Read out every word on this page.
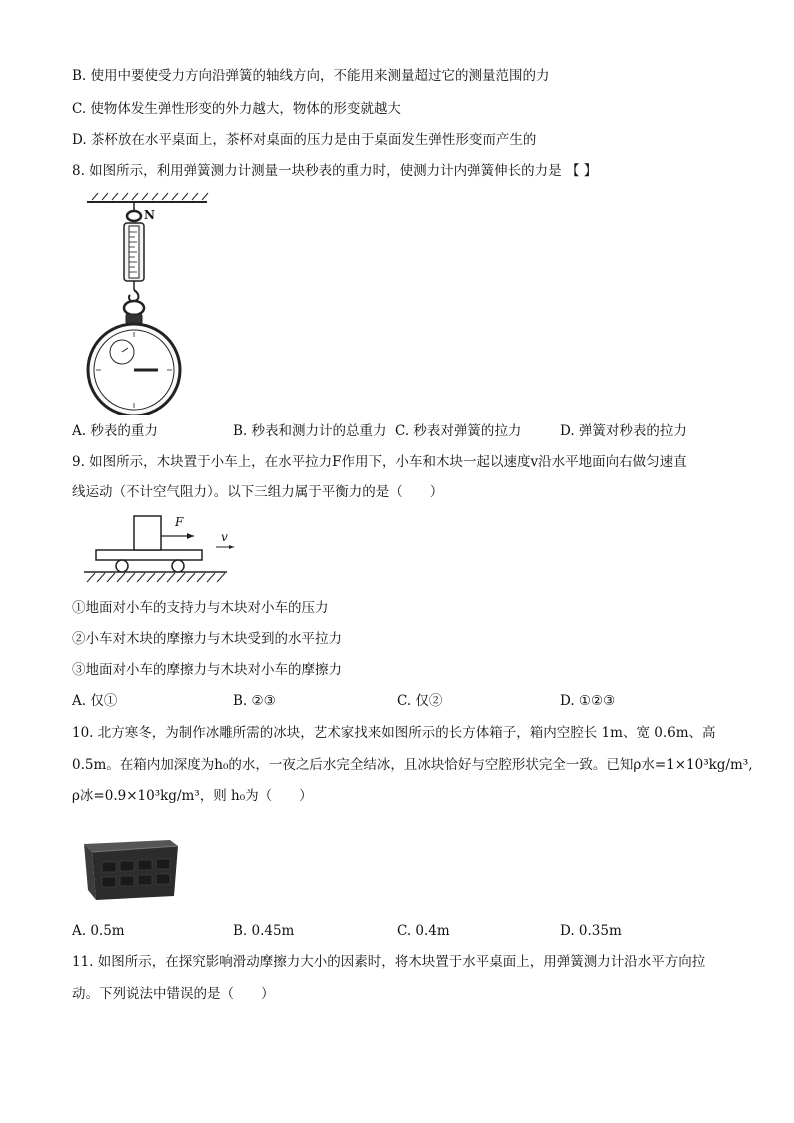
B. 使用中要使受力方向沿弹簧的轴线方向，不能用来测量超过它的测量范围的力
C. 使物体发生弹性形变的外力越大，物体的形变就越大
D. 茶杯放在水平桌面上，茶杯对桌面的压力是由于桌面发生弹性形变而产生的
8. 如图所示，利用弹簧测力计测量一块秒表的重力时，使测力计内弹簧伸长的力是 【 】
N
A. 秒表的重力	B. 秒表和测力计的总重力 C. 秒表对弹簧的拉力	D. 弹簧对秒表的拉力
9. 如图所示，木块置于小车上，在水平拉力F作用下，小车和木块一起以速度v沿水平地面向右做匀速直
线运动（不计空气阻力）。以下三组力属于平衡力的是（　　）
F
v
①地面对小车的支持力与木块对小车的压力
②小车对木块的摩擦力与木块受到的水平拉力
③地面对小车的摩擦力与木块对小车的摩擦力
A. 仅①	B. ②③	C. 仅②	D. ①②③
10. 北方寒冬，为制作冰雕所需的冰块，艺术家找来如图所示的长方体箱子，箱内空腔长 1m、宽 0.6m、高
0.5m。在箱内加深度为h₀的水，一夜之后水完全结冰，且冰块恰好与空腔形状完全一致。已知ρ水=1×10³kg/m³,
ρ冰=0.9×10³kg/m³，则 h₀为（　　）
A. 0.5m	B. 0.45m	C. 0.4m	D. 0.35m
11. 如图所示，在探究影响滑动摩擦力大小的因素时，将木块置于水平桌面上，用弹簧测力计沿水平方向拉
动。下列说法中错误的是（　　）
